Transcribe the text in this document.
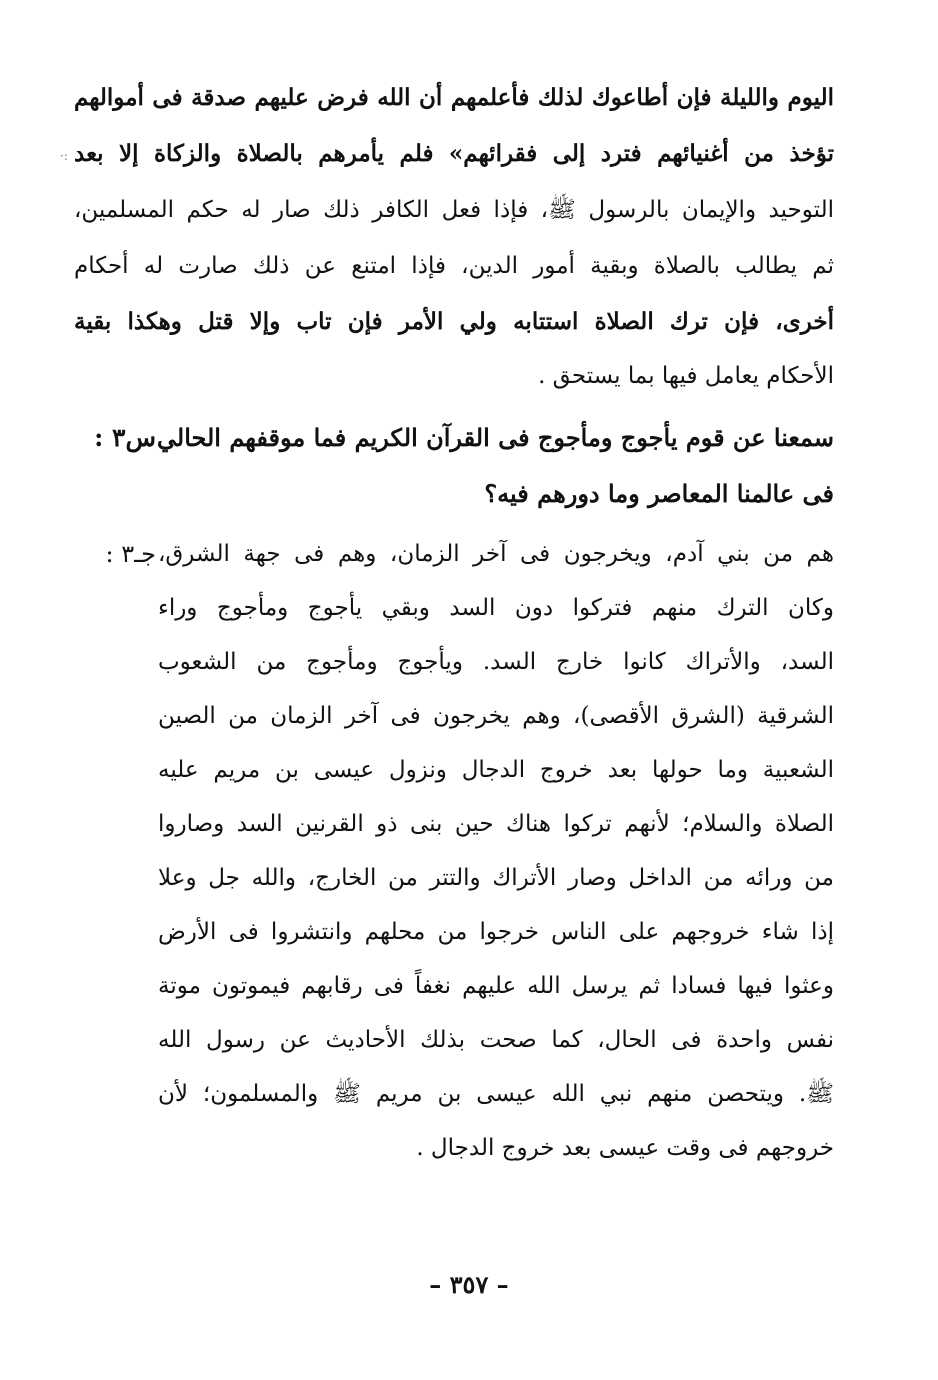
·:
اليوم والليلة فإن أطاعوك لذلك فأعلمهم أن الله فرض عليهم صدقة فى أموالهم
تؤخذ من أغنيائهم فترد إلى فقرائهم» فلم يأمرهم بالصلاة والزكاة إلا بعد
التوحيد والإيمان بالرسول ﷺ، فإذا فعل الكافر ذلك صار له حكم المسلمين،
ثم يطالب بالصلاة وبقية أمور الدين، فإذا امتنع عن ذلك صارت له أحكام
أخرى، فإن ترك الصلاة استتابه ولي الأمر فإن تاب وإلا قتل وهكذا بقية
الأحكام يعامل فيها بما يستحق .
س٣ : سمعنا عن قوم يأجوج ومأجوج فى القرآن الكريم فما موقفهم الحالي
فى عالمنا المعاصر وما دورهم فيه؟
جـ٣ : هم من بني آدم، ويخرجون فى آخر الزمان، وهم فى جهة الشرق،
وكان الترك منهم فتركوا دون السد وبقي يأجوج ومأجوج وراء
السد، والأتراك كانوا خارج السد. ويأجوج ومأجوج من الشعوب
الشرقية (الشرق الأقصى)، وهم يخرجون فى آخر الزمان من الصين
الشعبية وما حولها بعد خروج الدجال ونزول عيسى بن مريم عليه
الصلاة والسلام؛ لأنهم تركوا هناك حين بنى ذو القرنين السد وصاروا
من ورائه من الداخل وصار الأتراك والتتر من الخارج، والله جل وعلا
إذا شاء خروجهم على الناس خرجوا من محلهم وانتشروا فى الأرض
وعثوا فيها فسادا ثم يرسل الله عليهم نغفاً فى رقابهم فيموتون موتة
نفس واحدة فى الحال، كما صحت بذلك الأحاديث عن رسول الله
ﷺ. ويتحصن منهم نبي الله عيسى بن مريم ﷺ والمسلمون؛ لأن
خروجهم فى وقت عيسى بعد خروج الدجال .
– ٣٥٧ –
